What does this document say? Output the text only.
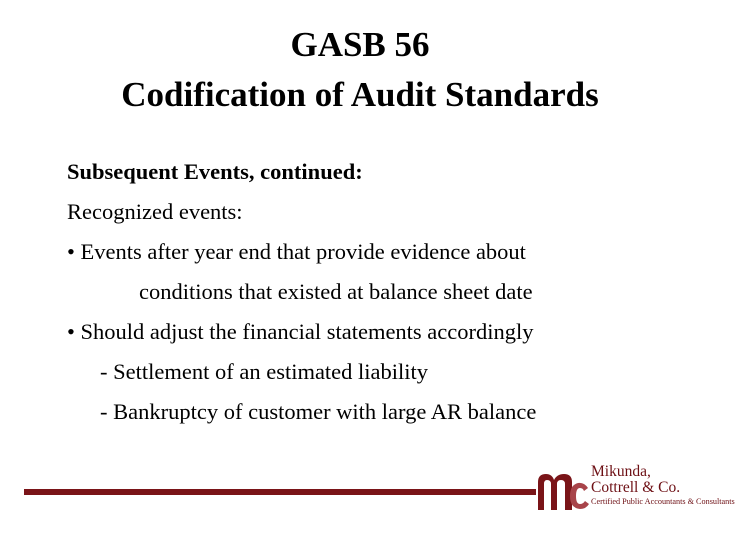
GASB 56
Codification of Audit Standards
Subsequent Events, continued:
Recognized events:
• Events after year end that provide evidence about
conditions that existed at balance sheet date
• Should adjust the financial statements accordingly
- Settlement of an estimated liability
- Bankruptcy of customer with large AR balance
Mikunda,
Cottrell & Co.
Certified Public Accountants & Consultants
